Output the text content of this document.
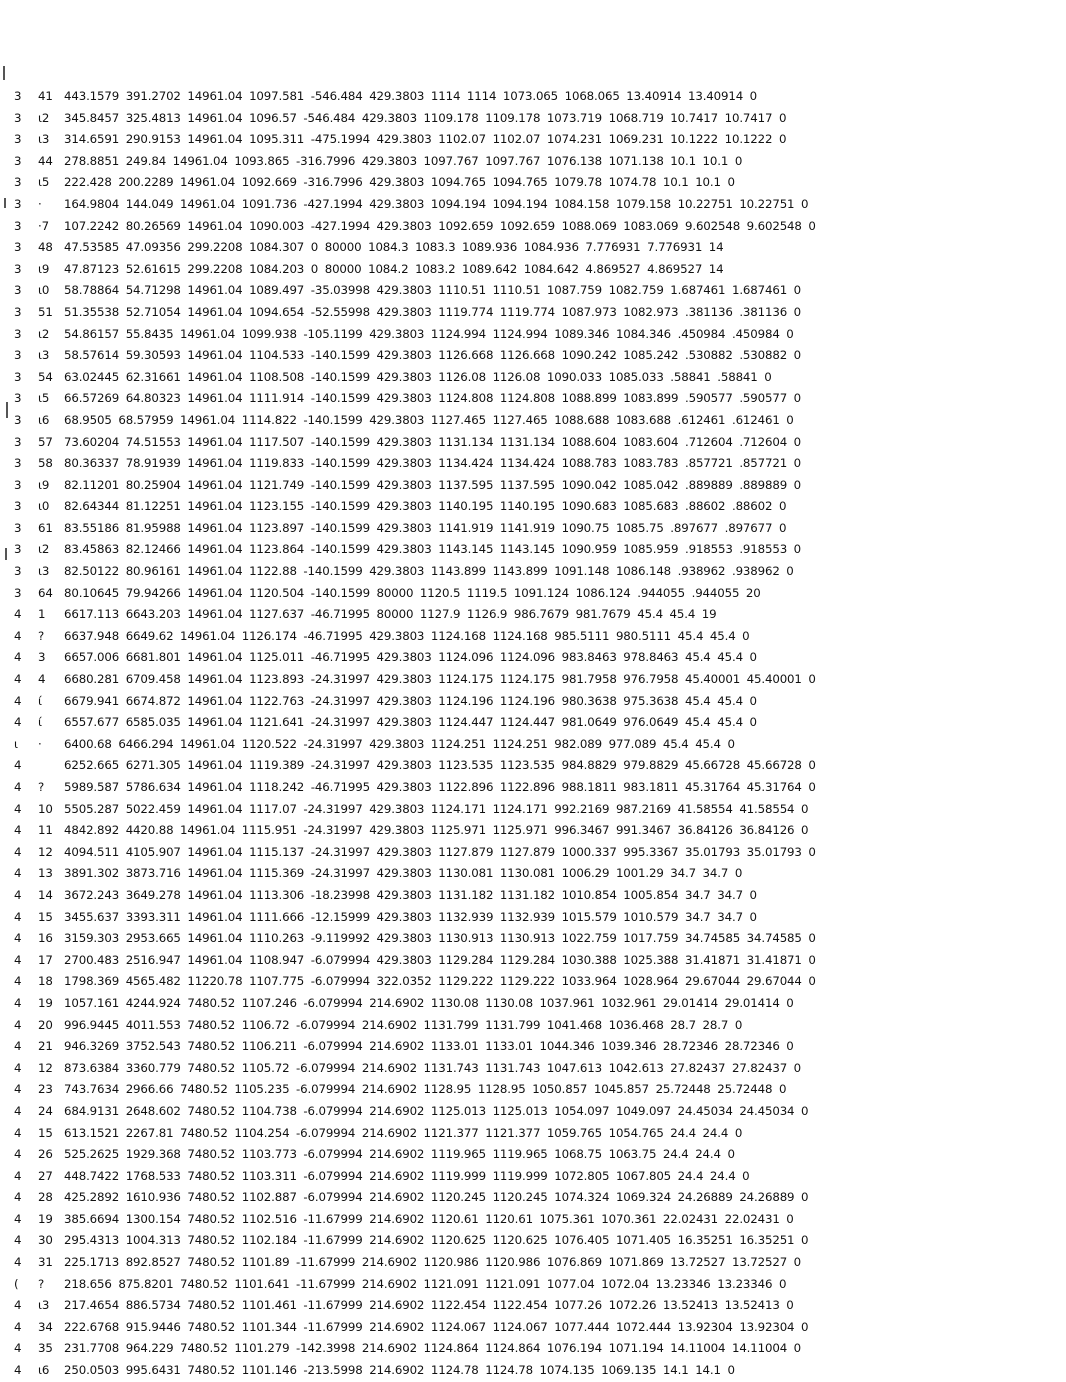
3 41 443.1579 391.2702 14961.04 1097.581 -546.484 429.3803 1114 1114 1073.065 1068.065 13.40914 13.40914 0
3 ι2 345.8457 325.4813 14961.04 1096.57 -546.484 429.3803 1109.178 1109.178 1073.719 1068.719 10.7417 10.7417 0
3 ι3 314.6591 290.9153 14961.04 1095.311 -475.1994 429.3803 1102.07 1102.07 1074.231 1069.231 10.1222 10.1222 0
3 44 278.8851 249.84 14961.04 1093.865 -316.7996 429.3803 1097.767 1097.767 1076.138 1071.138 10.1 10.1 0
3 ι5 222.428 200.2289 14961.04 1092.669 -316.7996 429.3803 1094.765 1094.765 1079.78 1074.78 10.1 10.1 0
3 · 164.9804 144.049 14961.04 1091.736 -427.1994 429.3803 1094.194 1094.194 1084.158 1079.158 10.22751 10.22751 0
3 ·7 107.2242 80.26569 14961.04 1090.003 -427.1994 429.3803 1092.659 1092.659 1088.069 1083.069 9.602548 9.602548 0
3 48 47.53585 47.09356 299.2208 1084.307 0 80000 1084.3 1083.3 1089.936 1084.936 7.776931 7.776931 14
3 ι9 47.87123 52.61615 299.2208 1084.203 0 80000 1084.2 1083.2 1089.642 1084.642 4.869527 4.869527 14
3 ι0 58.78864 54.71298 14961.04 1089.497 -35.03998 429.3803 1110.51 1110.51 1087.759 1082.759 1.687461 1.687461 0
3 51 51.35538 52.71054 14961.04 1094.654 -52.55998 429.3803 1119.774 1119.774 1087.973 1082.973 .381136 .381136 0
3 ι2 54.86157 55.8435 14961.04 1099.938 -105.1199 429.3803 1124.994 1124.994 1089.346 1084.346 .450984 .450984 0
3 ι3 58.57614 59.30593 14961.04 1104.533 -140.1599 429.3803 1126.668 1126.668 1090.242 1085.242 .530882 .530882 0
3 54 63.02445 62.31661 14961.04 1108.508 -140.1599 429.3803 1126.08 1126.08 1090.033 1085.033 .58841 .58841 0
3 ι5 66.57269 64.80323 14961.04 1111.914 -140.1599 429.3803 1124.808 1124.808 1088.899 1083.899 .590577 .590577 0
3 ι6 68.9505 68.57959 14961.04 1114.822 -140.1599 429.3803 1127.465 1127.465 1088.688 1083.688 .612461 .612461 0
3 57 73.60204 74.51553 14961.04 1117.507 -140.1599 429.3803 1131.134 1131.134 1088.604 1083.604 .712604 .712604 0
3 58 80.36337 78.91939 14961.04 1119.833 -140.1599 429.3803 1134.424 1134.424 1088.783 1083.783 .857721 .857721 0
3 ι9 82.11201 80.25904 14961.04 1121.749 -140.1599 429.3803 1137.595 1137.595 1090.042 1085.042 .889889 .889889 0
3 ι0 82.64344 81.12251 14961.04 1123.155 -140.1599 429.3803 1140.195 1140.195 1090.683 1085.683 .88602 .88602 0
3 61 83.55186 81.95988 14961.04 1123.897 -140.1599 429.3803 1141.919 1141.919 1090.75 1085.75 .897677 .897677 0
3 ι2 83.45863 82.12466 14961.04 1123.864 -140.1599 429.3803 1143.145 1143.145 1090.959 1085.959 .918553 .918553 0
3 ι3 82.50122 80.96161 14961.04 1122.88 -140.1599 429.3803 1143.899 1143.899 1091.148 1086.148 .938962 .938962 0
3 64 80.10645 79.94266 14961.04 1120.504 -140.1599 80000 1120.5 1119.5 1091.124 1086.124 .944055 .944055 20
4 1 6617.113 6643.203 14961.04 1127.637 -46.71995 80000 1127.9 1126.9 986.7679 981.7679 45.4 45.4 19
4 ? 6637.948 6649.62 14961.04 1126.174 -46.71995 429.3803 1124.168 1124.168 985.5111 980.5111 45.4 45.4 0
4 3 6657.006 6681.801 14961.04 1125.011 -46.71995 429.3803 1124.096 1124.096 983.8463 978.8463 45.4 45.4 0
4 4 6680.281 6709.458 14961.04 1123.893 -24.31997 429.3803 1124.175 1124.175 981.7958 976.7958 45.40001 45.40001 0
4 ί 6679.941 6674.872 14961.04 1122.763 -24.31997 429.3803 1124.196 1124.196 980.3638 975.3638 45.4 45.4 0
4 ί 6557.677 6585.035 14961.04 1121.641 -24.31997 429.3803 1124.447 1124.447 981.0649 976.0649 45.4 45.4 0
ι · 6400.68 6466.294 14961.04 1120.522 -24.31997 429.3803 1124.251 1124.251 982.089 977.089 45.4 45.4 0
4	6252.665 6271.305 14961.04 1119.389 -24.31997 429.3803 1123.535 1123.535 984.8829 979.8829 45.66728 45.66728 0
4 ? 5989.587 5786.634 14961.04 1118.242 -46.71995 429.3803 1122.896 1122.896 988.1811 983.1811 45.31764 45.31764 0
4 10 5505.287 5022.459 14961.04 1117.07 -24.31997 429.3803 1124.171 1124.171 992.2169 987.2169 41.58554 41.58554 0
4 11 4842.892 4420.88 14961.04 1115.951 -24.31997 429.3803 1125.971 1125.971 996.3467 991.3467 36.84126 36.84126 0
4 12 4094.511 4105.907 14961.04 1115.137 -24.31997 429.3803 1127.879 1127.879 1000.337 995.3367 35.01793 35.01793 0
4 13 3891.302 3873.716 14961.04 1115.369 -24.31997 429.3803 1130.081 1130.081 1006.29 1001.29 34.7 34.7 0
4 14 3672.243 3649.278 14961.04 1113.306 -18.23998 429.3803 1131.182 1131.182 1010.854 1005.854 34.7 34.7 0
4 15 3455.637 3393.311 14961.04 1111.666 -12.15999 429.3803 1132.939 1132.939 1015.579 1010.579 34.7 34.7 0
4 16 3159.303 2953.665 14961.04 1110.263 -9.119992 429.3803 1130.913 1130.913 1022.759 1017.759 34.74585 34.74585 0
4 17 2700.483 2516.947 14961.04 1108.947 -6.079994 429.3803 1129.284 1129.284 1030.388 1025.388 31.41871 31.41871 0
4 18 1798.369 4565.482 11220.78 1107.775 -6.079994 322.0352 1129.222 1129.222 1033.964 1028.964 29.67044 29.67044 0
4 19 1057.161 4244.924 7480.52 1107.246 -6.079994 214.6902 1130.08 1130.08 1037.961 1032.961 29.01414 29.01414 0
4 20 996.9445 4011.553 7480.52 1106.72 -6.079994 214.6902 1131.799 1131.799 1041.468 1036.468 28.7 28.7 0
4 21 946.3269 3752.543 7480.52 1106.211 -6.079994 214.6902 1133.01 1133.01 1044.346 1039.346 28.72346 28.72346 0
4 12 873.6384 3360.779 7480.52 1105.72 -6.079994 214.6902 1131.743 1131.743 1047.613 1042.613 27.82437 27.82437 0
4 23 743.7634 2966.66 7480.52 1105.235 -6.079994 214.6902 1128.95 1128.95 1050.857 1045.857 25.72448 25.72448 0
4 24 684.9131 2648.602 7480.52 1104.738 -6.079994 214.6902 1125.013 1125.013 1054.097 1049.097 24.45034 24.45034 0
4 15 613.1521 2267.81 7480.52 1104.254 -6.079994 214.6902 1121.377 1121.377 1059.765 1054.765 24.4 24.4 0
4 26 525.2625 1929.368 7480.52 1103.773 -6.079994 214.6902 1119.965 1119.965 1068.75 1063.75 24.4 24.4 0
4 27 448.7422 1768.533 7480.52 1103.311 -6.079994 214.6902 1119.999 1119.999 1072.805 1067.805 24.4 24.4 0
4 28 425.2892 1610.936 7480.52 1102.887 -6.079994 214.6902 1120.245 1120.245 1074.324 1069.324 24.26889 24.26889 0
4 19 385.6694 1300.154 7480.52 1102.516 -11.67999 214.6902 1120.61 1120.61 1075.361 1070.361 22.02431 22.02431 0
4 30 295.4313 1004.313 7480.52 1102.184 -11.67999 214.6902 1120.625 1120.625 1076.405 1071.405 16.35251 16.35251 0
4 31 225.1713 892.8527 7480.52 1101.89 -11.67999 214.6902 1120.986 1120.986 1076.869 1071.869 13.72527 13.72527 0
( ? 218.656 875.8201 7480.52 1101.641 -11.67999 214.6902 1121.091 1121.091 1077.04 1072.04 13.23346 13.23346 0
4 ι3 217.4654 886.5734 7480.52 1101.461 -11.67999 214.6902 1122.454 1122.454 1077.26 1072.26 13.52413 13.52413 0
4 34 222.6768 915.9446 7480.52 1101.344 -11.67999 214.6902 1124.067 1124.067 1077.444 1072.444 13.92304 13.92304 0
4 35 231.7708 964.229 7480.52 1101.279 -142.3998 214.6902 1124.864 1124.864 1076.194 1071.194 14.11004 14.11004 0
4 ι6 250.0503 995.6431 7480.52 1101.146 -213.5998 214.6902 1124.78 1124.78 1074.135 1069.135 14.1 14.1 0
